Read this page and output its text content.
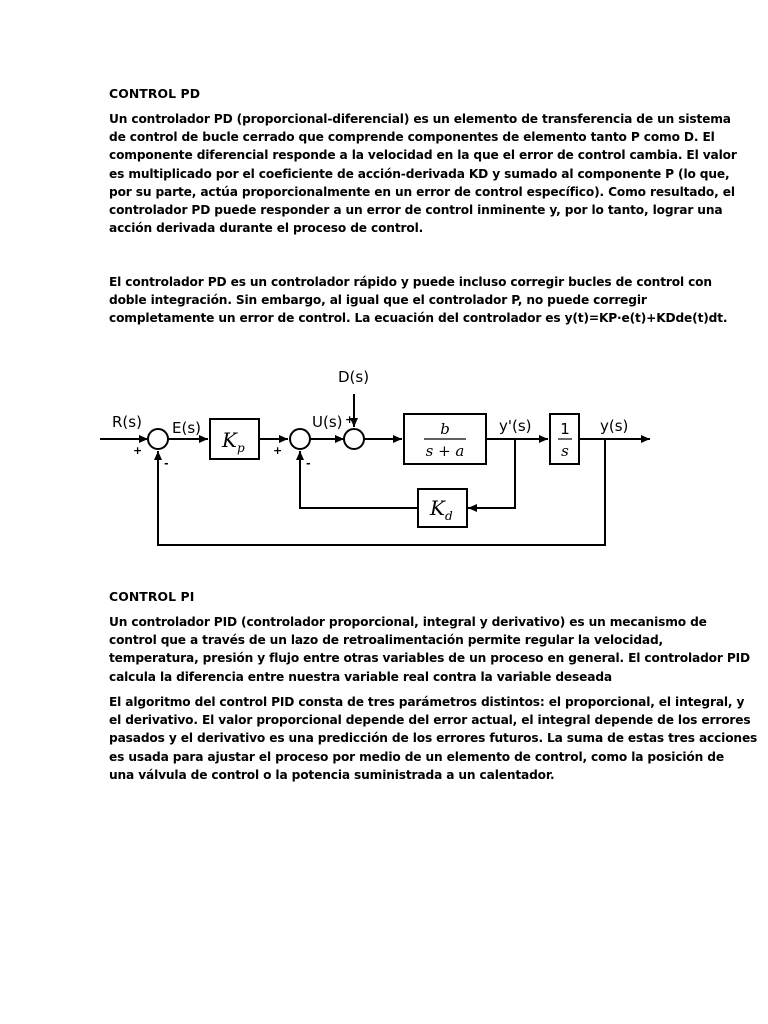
CONTROL PD
Un controlador PD (proporcional-diferencial) es un elemento de transferencia de un sistema
de control de bucle cerrado que comprende componentes de elemento tanto P como D. El
componente diferencial responde a la velocidad en la que el error de control cambia. El valor
es multiplicado por el coeficiente de acción-derivada KD y sumado al componente P (lo que,
por su parte, actúa proporcionalmente en un error de control específico). Como resultado, el
controlador PD puede responder a un error de control inminente y, por lo tanto, lograr una
acción derivada durante el proceso de control.
El controlador PD es un controlador rápido y puede incluso corregir bucles de control con
doble integración. Sin embargo, al igual que el controlador P, no puede corregir
completamente un error de control. La ecuación del controlador es y(t)=KP·e(t)+KDde(t)dt.
R(s) E(s)	U(s)
D(s)
y'(s)	y(s)
+
-
+
-
+
$K_p$
b
s + a
1
s
$K_d$
CONTROL PI
Un controlador PID (controlador proporcional, integral y derivativo) es un mecanismo de
control que a través de un lazo de retroalimentación permite regular la velocidad,
temperatura, presión y flujo entre otras variables de un proceso en general. El controlador PID
calcula la diferencia entre nuestra variable real contra la variable deseada
El algoritmo del control PID consta de tres parámetros distintos: el proporcional, el integral, y
el derivativo. El valor proporcional depende del error actual, el integral depende de los errores
pasados y el derivativo es una predicción de los errores futuros. La suma de estas tres acciones
es usada para ajustar el proceso por medio de un elemento de control, como la posición de
una válvula de control o la potencia suministrada a un calentador.
